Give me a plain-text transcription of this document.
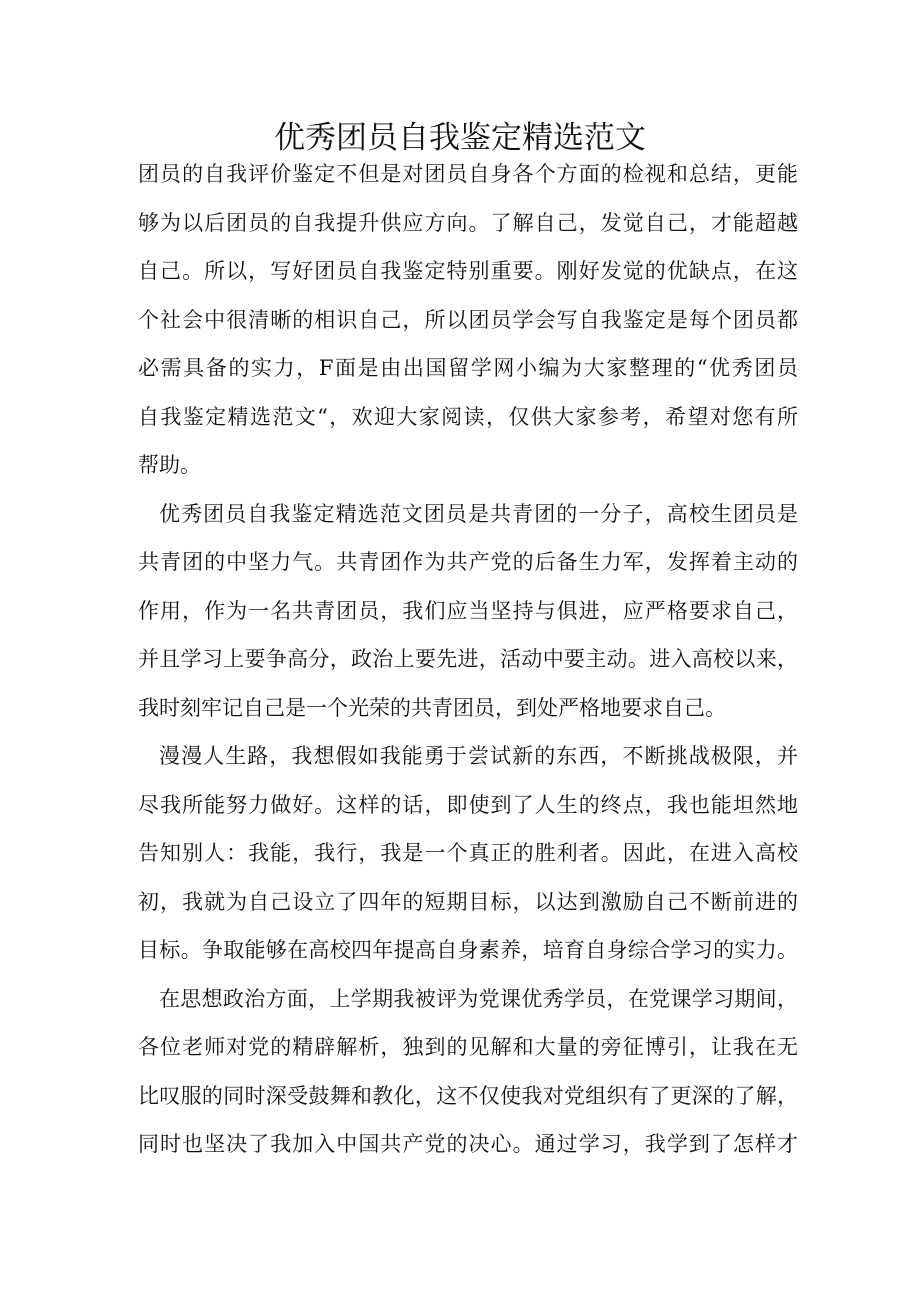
优秀团员自我鉴定精选范文
团员的自我评价鉴定不但是对团员自身各个方面的检视和总结，更能
够为以后团员的自我提升供应方向。了解自己，发觉自己，才能超越
自己。所以，写好团员自我鉴定特别重要。刚好发觉的优缺点，在这
个社会中很清晰的相识自己，所以团员学会写自我鉴定是每个团员都
必需具备的实力，F面是由出国留学网小编为大家整理的“优秀团员
自我鉴定精选范文“，欢迎大家阅读，仅供大家参考，希望对您有所
帮助。
优秀团员自我鉴定精选范文团员是共青团的一分子，高校生团员是
共青团的中坚力气。共青团作为共产党的后备生力军，发挥着主动的
作用，作为一名共青团员，我们应当坚持与俱进，应严格要求自己，
并且学习上要争高分，政治上要先进，活动中要主动。进入高校以来，
我时刻牢记自己是一个光荣的共青团员，到处严格地要求自己。
漫漫人生路，我想假如我能勇于尝试新的东西，不断挑战极限，并
尽我所能努力做好。这样的话，即使到了人生的终点，我也能坦然地
告知别人：我能，我行，我是一个真正的胜利者。因此，在进入高校
初，我就为自己设立了四年的短期目标，以达到激励自己不断前进的
目标。争取能够在高校四年提高自身素养，培育自身综合学习的实力。
在思想政治方面，上学期我被评为党课优秀学员，在党课学习期间，
各位老师对党的精辟解析，独到的见解和大量的旁征博引，让我在无
比叹服的同时深受鼓舞和教化，这不仅使我对党组织有了更深的了解，
同时也坚决了我加入中国共产党的决心。通过学习，我学到了怎样才
